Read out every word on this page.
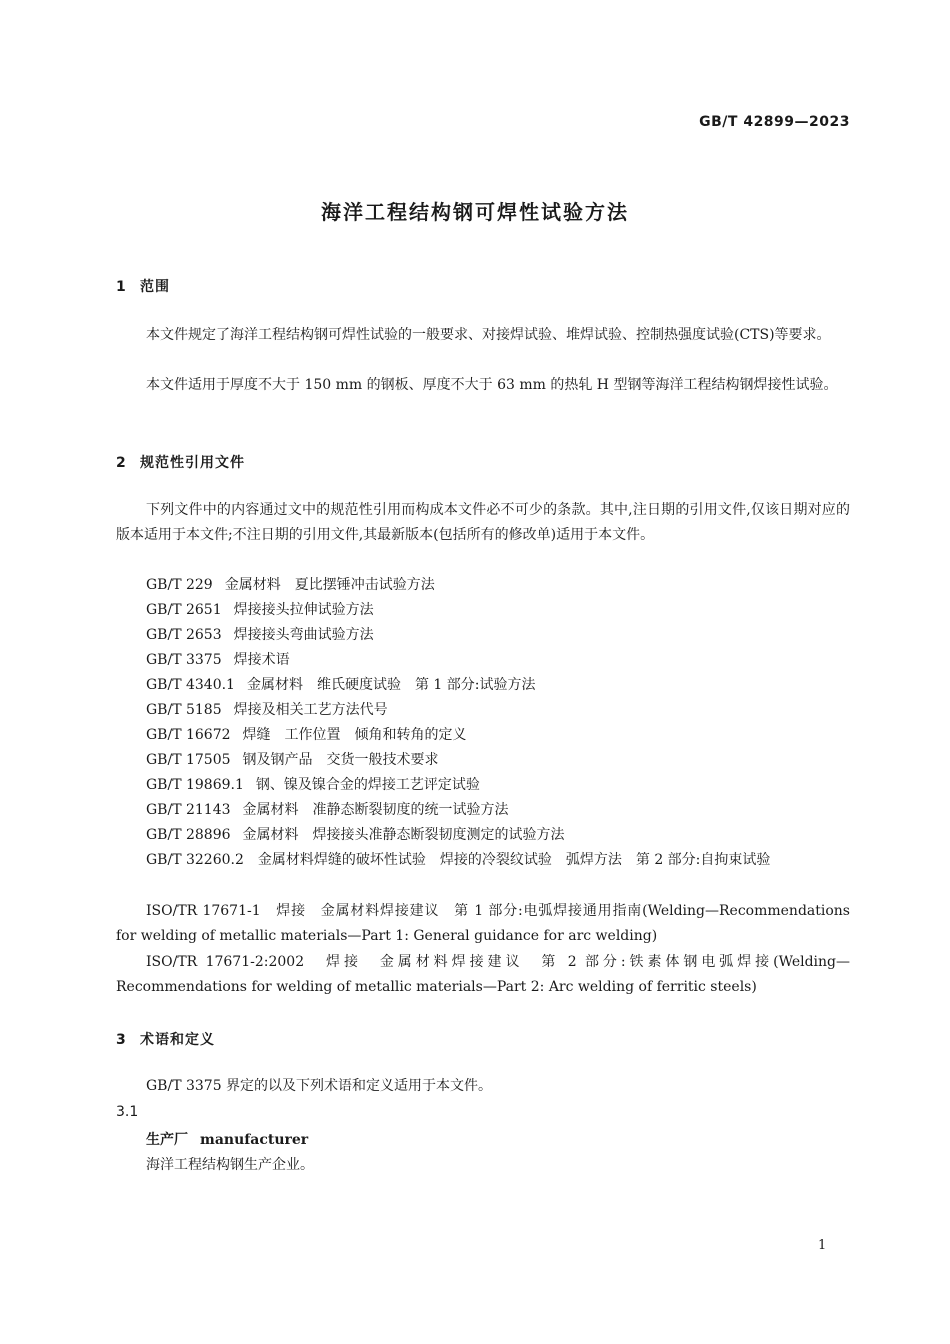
GB/T 42899—2023
海洋工程结构钢可焊性试验方法
1 范围
本文件规定了海洋工程结构钢可焊性试验的一般要求、对接焊试验、堆焊试验、控制热强度试验(CTS)等要求。
本文件适用于厚度不大于 150 mm 的钢板、厚度不大于 63 mm 的热轧 H 型钢等海洋工程结构钢焊接性试验。
2 规范性引用文件
下列文件中的内容通过文中的规范性引用而构成本文件必不可少的条款。其中,注日期的引用文件,仅该日期对应的版本适用于本文件;不注日期的引用文件,其最新版本(包括所有的修改单)适用于本文件。
GB/T 229 金属材料　夏比摆锤冲击试验方法
GB/T 2651 焊接接头拉伸试验方法
GB/T 2653 焊接接头弯曲试验方法
GB/T 3375 焊接术语
GB/T 4340.1 金属材料　维氏硬度试验　第 1 部分:试验方法
GB/T 5185 焊接及相关工艺方法代号
GB/T 16672 焊缝　工作位置　倾角和转角的定义
GB/T 17505 钢及钢产品　交货一般技术要求
GB/T 19869.1 钢、镍及镍合金的焊接工艺评定试验
GB/T 21143 金属材料　准静态断裂韧度的统一试验方法
GB/T 28896 金属材料　焊接接头准静态断裂韧度测定的试验方法
GB/T 32260.2　金属材料焊缝的破坏性试验　焊接的冷裂纹试验　弧焊方法　第 2 部分:自拘束试验
ISO/TR 17671-1　焊接　金属材料焊接建议　第 1 部分:电弧焊接通用指南(Welding—Recommendations for welding of metallic materials—Part 1: General guidance for arc welding)
ISO/TR 17671-2:2002　焊接　金属材料焊接建议　第 2 部分:铁素体钢电弧焊接(Welding—Recommendations for welding of metallic materials—Part 2: Arc welding of ferritic steels)
3 术语和定义
GB/T 3375 界定的以及下列术语和定义适用于本文件。
3.1
生产厂 manufacturer
海洋工程结构钢生产企业。
1
